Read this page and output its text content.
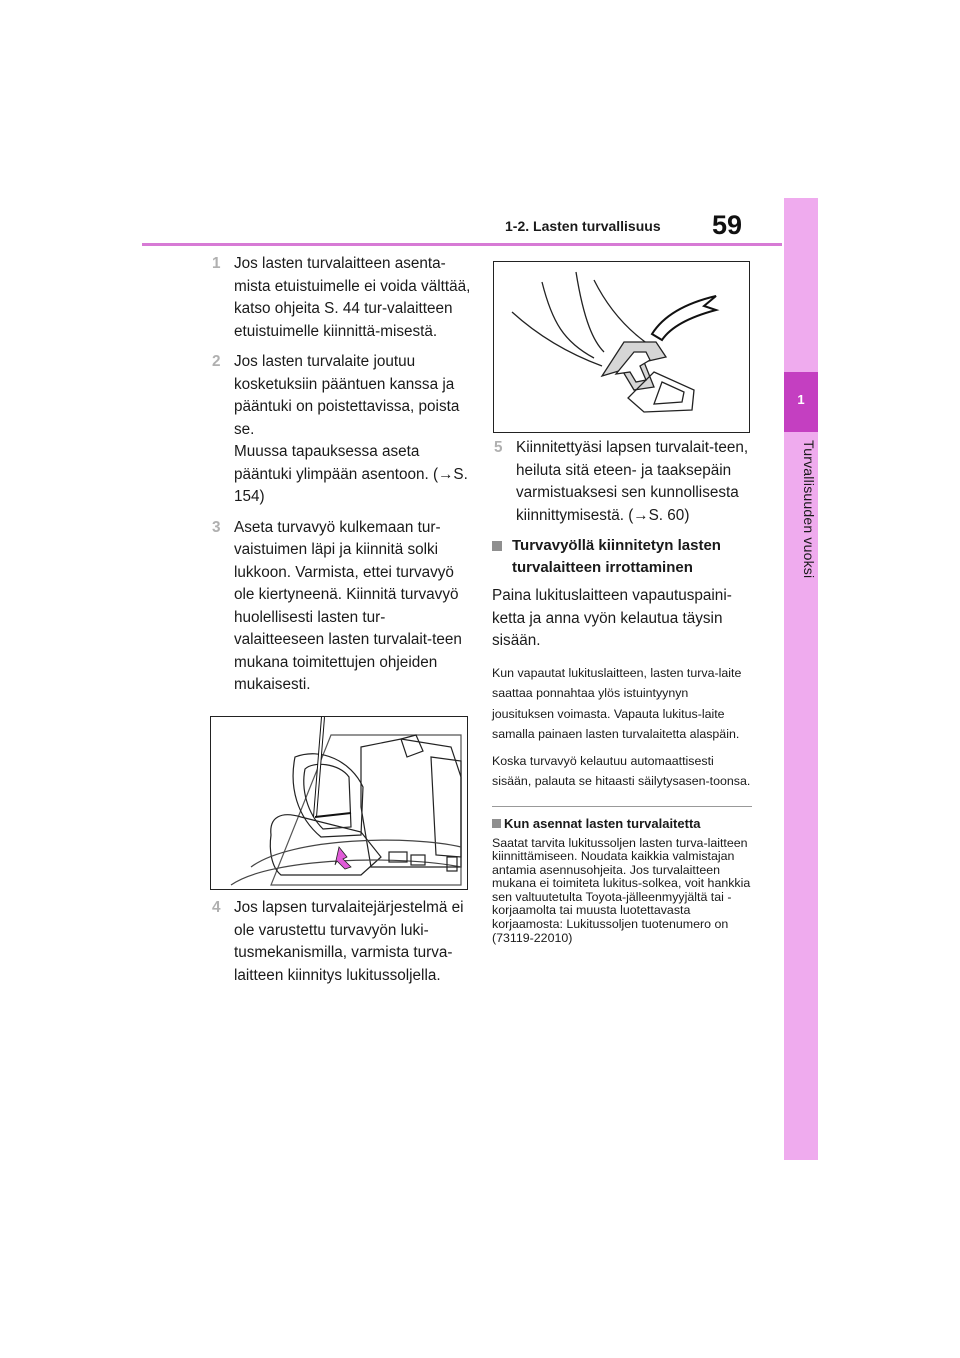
1-2. Lasten turvallisuus 59
1
Turvallisuuden vuoksi
1 Jos lasten turvalaitteen asenta-mista etuistuimelle ei voida välttää, katso ohjeita S. 44 tur-valaitteen etuistuimelle kiinnittä-misestä.
2 Jos lasten turvalaite joutuu kosketuksiin pääntuen kanssa ja pääntuki on poistettavissa, poista se.
Muussa tapauksessa aseta pääntuki ylimpään asentoon. (→S. 154)
3 Aseta turvavyö kulkemaan tur-vaistuimen läpi ja kiinnitä solki lukkoon. Varmista, ettei turvavyö ole kiertyneenä. Kiinnitä turvavyö huolellisesti lasten tur-valaitteeseen lasten turvalait-teen mukana toimitettujen ohjeiden mukaisesti.
4 Jos lapsen turvalaitejärjestelmä ei ole varustettu turvavyön luki-tusmekanismilla, varmista turva-laitteen kiinnitys lukitussoljella.
5 Kiinnitettyäsi lapsen turvalait-teen, heiluta sitä eteen- ja taaksepäin varmistuaksesi sen kunnollisesta kiinnittymisestä. (→S. 60)
Turvavyöllä kiinnitetyn lasten turvalaitteen irrottaminen
Paina lukituslaitteen vapautuspaini-ketta ja anna vyön kelautua täysin sisään.
Kun vapautat lukituslaitteen, lasten turva-laite saattaa ponnahtaa ylös istuintyynyn jousituksen voimasta. Vapauta lukitus-laite samalla painaen lasten turvalaitetta alaspäin.
Koska turvavyö kelautuu automaattisesti sisään, palauta se hitaasti säilytysasen-toonsa.
Kun asennat lasten turvalaitetta
Saatat tarvita lukitussoljen lasten turva-laitteen kiinnittämiseen. Noudata kaikkia valmistajan antamia asennusohjeita. Jos turvalaitteen mukana ei toimiteta lukitus-solkea, voit hankkia sen valtuutetulta Toyota-jälleenmyyjältä tai -korjaamolta tai muusta luotettavasta korjaamosta: Lukitussoljen tuotenumero on (73119-22010)
